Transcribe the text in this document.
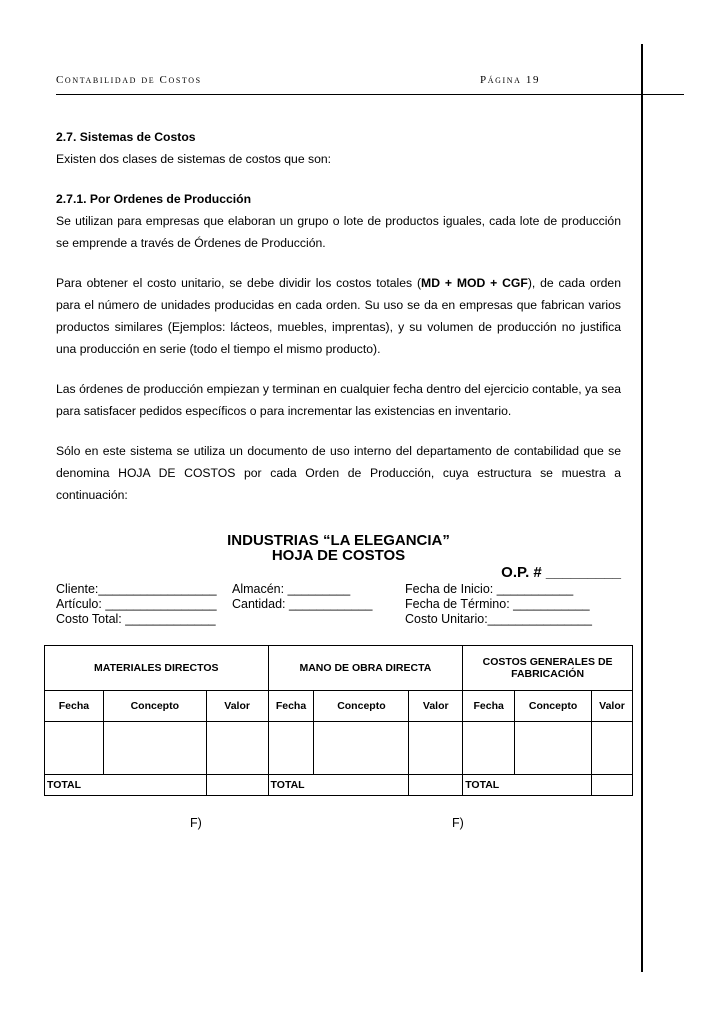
Contabilidad de Costos	Página 19

2.7. Sistemas de Costos

Existen dos clases de sistemas de costos que son:

2.7.1. Por Ordenes de Producción

Se utilizan para empresas que elaboran un grupo o lote de productos iguales, cada lote de producción se emprende a través de Órdenes de Producción.

Para obtener el costo unitario, se debe dividir los costos totales (MD + MOD + CGF), de cada orden para el número de unidades producidas en cada orden. Su uso se da en empresas que fabrican varios productos similares (Ejemplos: lácteos, muebles, imprentas), y su volumen de producción no justifica una producción en serie (todo el tiempo el mismo producto).

Las órdenes de producción empiezan y terminan en cualquier fecha dentro del ejercicio contable, ya sea para satisfacer pedidos específicos o para incrementar las existencias en inventario.

Sólo en este sistema se utiliza un documento de uso interno del departamento de contabilidad que se denomina HOJA DE COSTOS por cada Orden de Producción, cuya estructura se muestra a continuación:

INDUSTRIAS “LA ELEGANCIA”
HOJA DE COSTOS
O.P. # _________
Cliente:_________________ Almacén: _________	Fecha de Inicio: ___________
Artículo: ________________ Cantidad: ____________	Fecha de Término: ___________
Costo Total: _____________	Costo Unitario:_______________
MATERIALES DIRECTOS			MANO DE OBRA DIRECTA			COSTOS GENERALES DE FABRICACIÓN		
Fecha	Concepto	Valor	Fecha	Concepto	Valor	Fecha	Concepto	Valor

TOTAL			TOTAL			TOTAL		
F)	F)
